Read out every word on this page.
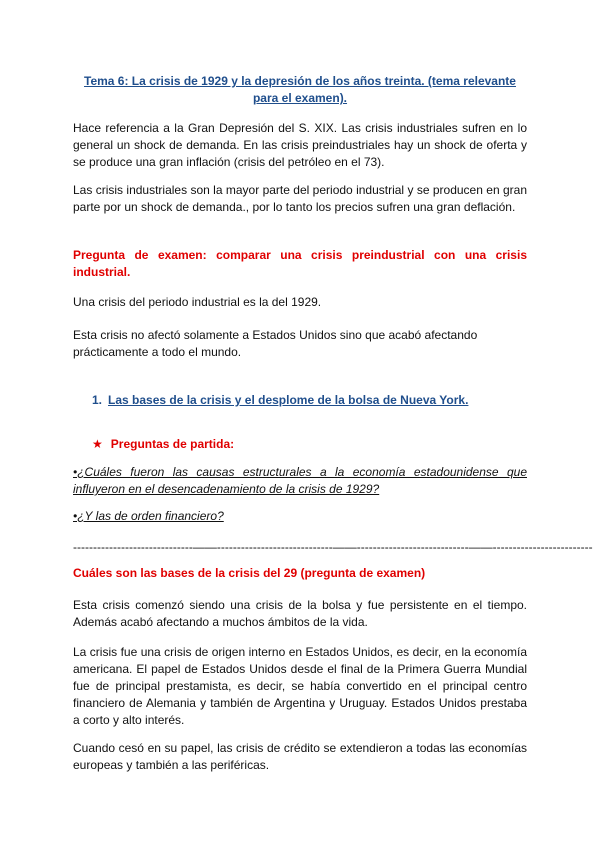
Tema 6: La crisis de 1929 y la depresión de los años treinta. (tema relevante
para el examen).

Hace referencia a la Gran Depresión del S. XIX. Las crisis industriales sufren en lo general un shock de demanda. En las crisis preindustriales hay un shock de oferta y se produce una gran inflación (crisis del petróleo en el 73).

Las crisis industriales son la mayor parte del periodo industrial y se producen en gran parte por un shock de demanda., por lo tanto los precios sufren una gran deflación.

Pregunta de examen: comparar una crisis preindustrial con una crisis industrial.

Una crisis del periodo industrial es la del 1929.

Esta crisis no afectó solamente a Estados Unidos sino que acabó afectando prácticamente a todo el mundo.

1. Las bases de la crisis y el desplome de la bolsa de Nueva York.

★ Preguntas de partida:

•¿Cuáles fueron las causas estructurales a la economía estadounidense que influyeron en el desencadenamiento de la crisis de 1929?

•¿Y las de orden financiero?

------------------------------——-----------------------------——----------------------------——-------------------------

Cuáles son las bases de la crisis del 29 (pregunta de examen)

Esta crisis comenzó siendo una crisis de la bolsa y fue persistente en el tiempo. Además acabó afectando a muchos ámbitos de la vida.

La crisis fue una crisis de origen interno en Estados Unidos, es decir, en la economía americana. El papel de Estados Unidos desde el final de la Primera Guerra Mundial fue de principal prestamista, es decir, se había convertido en el principal centro financiero de Alemania y también de Argentina y Uruguay. Estados Unidos prestaba a corto y alto interés.

Cuando cesó en su papel, las crisis de crédito se extendieron a todas las economías europeas y también a las periféricas.
